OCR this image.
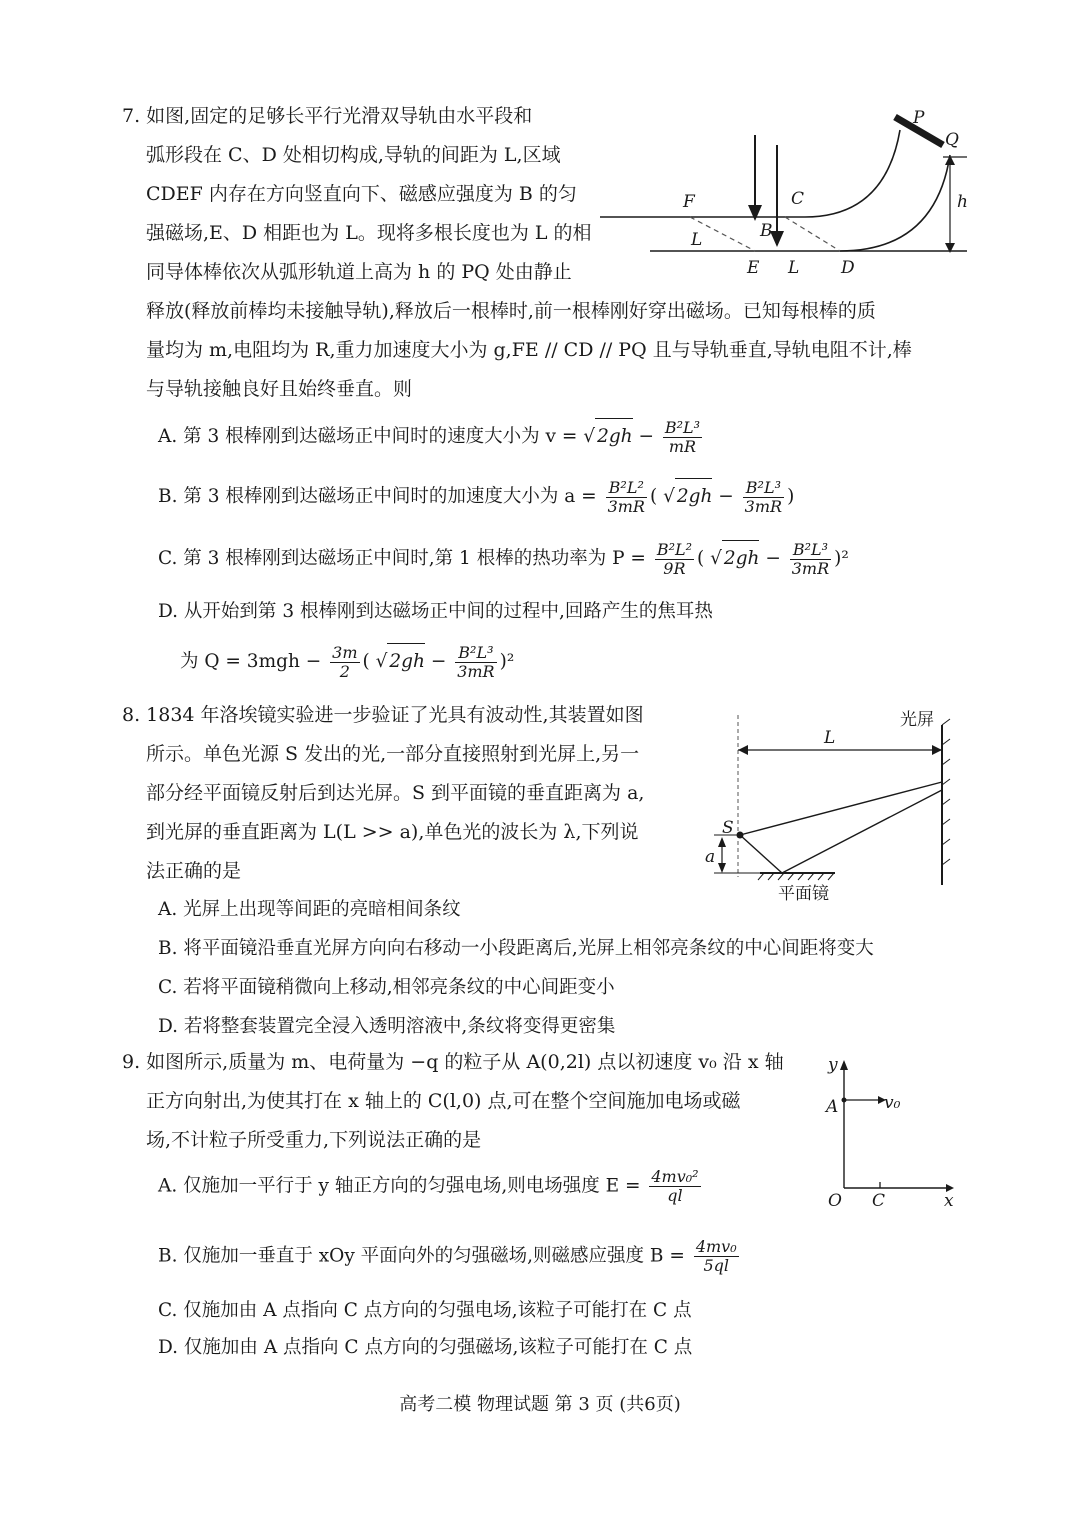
7. 如图,固定的足够长平行光滑双导轨由水平段和
弧形段在 C、D 处相切构成,导轨的间距为 L,区域
CDEF 内存在方向竖直向下、磁感应强度为 B 的匀
强磁场,E、D 相距也为 L。现将多根长度也为 L 的相
同导体棒依次从弧形轨道上高为 h 的 PQ 处由静止
释放(释放前棒均未接触导轨),释放后一根棒时,前一根棒刚好穿出磁场。已知每根棒的质
量均为 m,电阻均为 R,重力加速度大小为 g,FE // CD // PQ 且与导轨垂直,导轨电阻不计,棒
与导轨接触良好且始终垂直。则
A. 第 3 根棒刚到达磁场正中间时的速度大小为 v = √ $2gh - \frac{\text{B²L³}}{mR}$
B. 第 3 根棒刚到达磁场正中间时的加速度大小为 $a = \frac{\text{B²L²}}{3mR}$ ( √ $2gh - \frac{\text{B²L³}}{3mR}$ )
C. 第 3 根棒刚到达磁场正中间时,第 1 根棒的热功率为 $P = \frac{\text{B²L²}}{9R}$ ( √ $2gh - \frac{\text{B²L³}}{3mR} )^2$
D. 从开始到第 3 根棒刚到达磁场正中间的过程中,回路产生的焦耳热
为 $Q = 3mgh - \frac{3m}{2}$ ( √ $2gh - \frac{\text{B²L³}}{3mR} )^2$
P
Q
F	C
B
L
E L D
h
8. 1834 年洛埃镜实验进一步验证了光具有波动性,其装置如图
所示。单色光源 S 发出的光,一部分直接照射到光屏上,另一
部分经平面镜反射后到达光屏。S 到平面镜的垂直距离为 a,
到光屏的垂直距离为 L(L >> a),单色光的波长为 λ,下列说
法正确的是
A. 光屏上出现等间距的亮暗相间条纹
B. 将平面镜沿垂直光屏方向向右移动一小段距离后,光屏上相邻亮条纹的中心间距将变大
C. 若将平面镜稍微向上移动,相邻亮条纹的中心间距变小
D. 若将整套装置完全浸入透明溶液中,条纹将变得更密集
光屏
L
S
a
平面镜
9. 如图所示,质量为 m、电荷量为 −q 的粒子从 A(0,2l) 点以初速度 v₀ 沿 x 轴
正方向射出,为使其打在 x 轴上的 C(l,0) 点,可在整个空间施加电场或磁
场,不计粒子所受重力,下列说法正确的是
A. 仅施加一平行于 y 轴正方向的匀强电场,则电场强度 $E = \frac{\text{4mv₀²}}{ql}$
B. 仅施加一垂直于 xOy 平面向外的匀强磁场,则磁感应强度 $B = \frac{\text{4mv₀}}{5ql}$
C. 仅施加由 A 点指向 C 点方向的匀强电场,该粒子可能打在 C 点
D. 仅施加由 A 点指向 C 点方向的匀强磁场,该粒子可能打在 C 点
y
A	v₀
O C	x
高考二模 物理试题 第 3 页 (共6页)
